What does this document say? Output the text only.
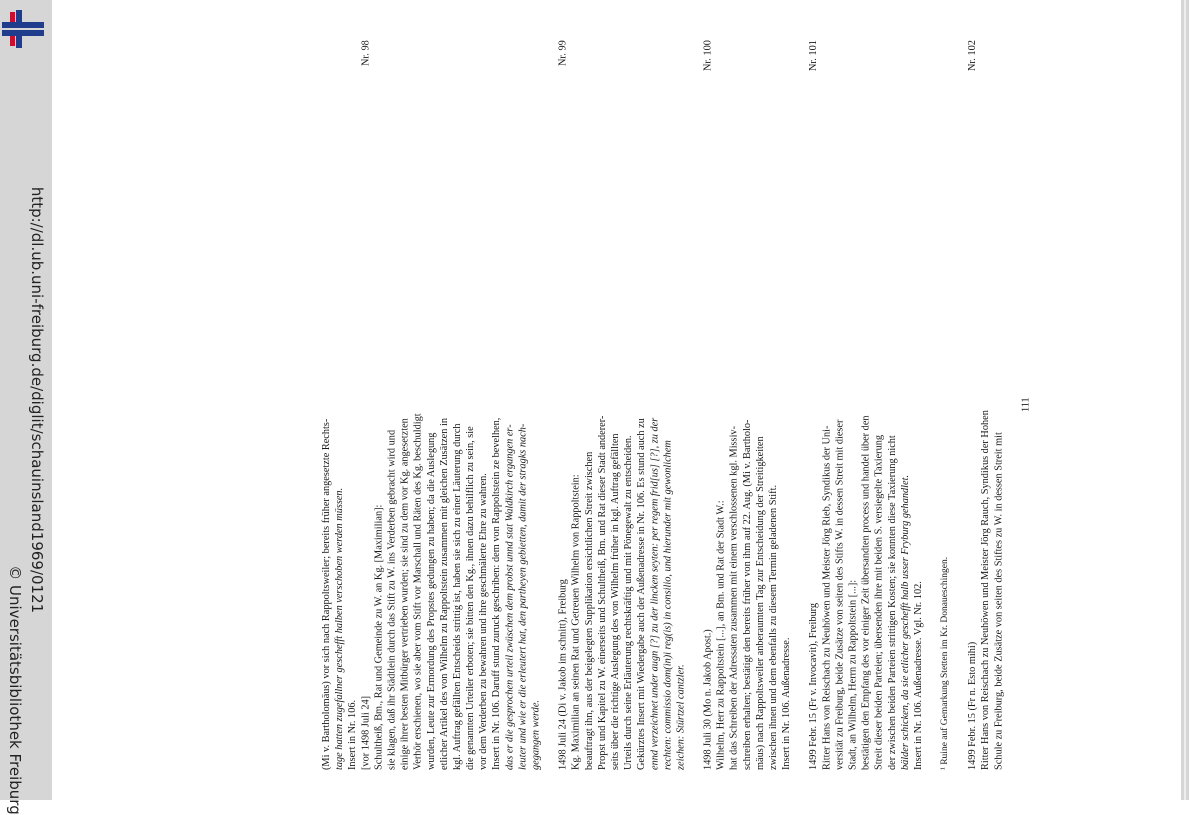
http://dl.ub.uni-freiburg.de/diglit/schauinsland1969/0121
© Universitätsbibliothek Freiburg	(Mi v. Bartholomäus) vor sich nach Rappoltsweiler; bereits früher angesetzte Rechts- tage hatten zugefallner geschefft halben verschoben werden müssen. Insert in Nr. 106. [vor 1498 Juli 24]
Nr. 98
Schultheiß, Bm., Rat und Gemeinde zu W. an Kg. [Maximilian]: sie klagen, daß ihr Städtlein durch das Stift zu W. ins Verderben gebracht wird und einige ihrer besten Mitbürger vertrieben wurden; sie sind zu dem vor Kg. angesetzten Verhör erschienen, wo sie aber vom Stift vor Marschall und Räten des Kg. beschuldigt wurden, Leute zur Ermordung des Propstes gedungen zu haben; da die Auslegung etlicher Artikel des von Wilhelm zu Rappoltstein zusammen mit gleichen Zusätzen in kgl. Auftrag gefällten Entscheids strittig ist, haben sie sich zu einer Läuterung durch die genannten Urteiler erboten; sie bitten den Kg., ihnen dazu behilflich zu sein, sie vor dem Verderben zu bewahren und ihre geschmälerte Ehre zu wahren. Insert in Nr. 106. Daruff stund zuruck geschriben: dem von Rappoltstein ze bevelhen, das er die gesprochen urteil zwüschen dem probst unnd stat Waldkirch ergangen er- leuter und wie er die erleutert hat, den partheyen gebietten, damit der stragks nach- gegangen werde. 1498 Juli 24 (Di v. Jakob im schnitt), Freiburg
Nr. 99
Kg. Maximilian an seinen Rat und Getreuen Wilhelm von Rappoltstein: beauftragt ihn, aus der beigelegten Supplikation ersichtlichen Streit zwischen Propst und Kapitel zu W. einerseits und Schultheiß, Bm. und Rat dieser Stadt anderer- seits über die richtige Auslegung des von Wilhelm früher in kgl. Auftrag gefällten Urteils durch seine Erläuterung rechtskräftig und mit Pönegewalt zu entscheiden. Gekürztes Insert mit Wiedergabe auch der Außenadresse in Nr. 106. Es stund auch zu ennd verzeichnet under augn [?] zu der lincken seyten: per regem frid[us] [?], zu der rechten: commissio dom(in)i reg(is) in consilio, und hierunder mit gewonlichem zeichen: Stürtzel cantzler. 1498 Juli 30 (Mo n. Jakob Apost.)
Nr. 100
Wilhelm, Herr zu Rappoltstein [...], an Bm. und Rat der Stadt W.: hat das Schreiben der Adressaten zusammen mit einem verschlossenen kgl. Missiv- schreiben erhalten; bestätigt den bereits früher von ihm auf 22. Aug. (Mi v. Bartholo- mäus) nach Rappoltsweiler anberaumten Tag zur Entscheidung der Streitigkeiten zwischen ihnen und dem ebenfalls zu diesem Termin geladenen Stift. Insert in Nr. 106. Außenadresse. 1499 Febr. 15 (Fr v. Invocavit), Freiburg
Nr. 101
Ritter Hans von Reischach zu Neuhöwen und Meister Jörg Rieb, Syndikus der Uni- versität zu Freiburg, beide Zusätze von seiten des Stifts W. in dessen Streit mit dieser Stadt, an Wilhelm, Herrn zu Rappoltstein [...]: bestätigen den Empfang des vor einiger Zeit übersandten process und handel über den Streit dieser beiden Parteien; übersenden ihre mit beiden S. versiegelte Taxierung der zwischen beiden Parteien strittigen Kosten; sie konnten diese Taxierung nicht bälder schicken, da sie etlicher geschefft halb usser Fryburg gehandlet. Insert in Nr. 106. Außenadresse. Vgl. Nr. 102. ¹ Ruine auf Gemarkung Stetten im Kr. Donaueschingen. 1499 Febr. 15 (Fr n. Esto mihi)
Nr. 102
Ritter Hans von Reischach zu Neuhöwen und Meister Jörg Rauch, Syndikus der Hohen Schule zu Freiburg, beide Zusätze von seiten des Stiftes zu W. in dessen Streit mit
111
